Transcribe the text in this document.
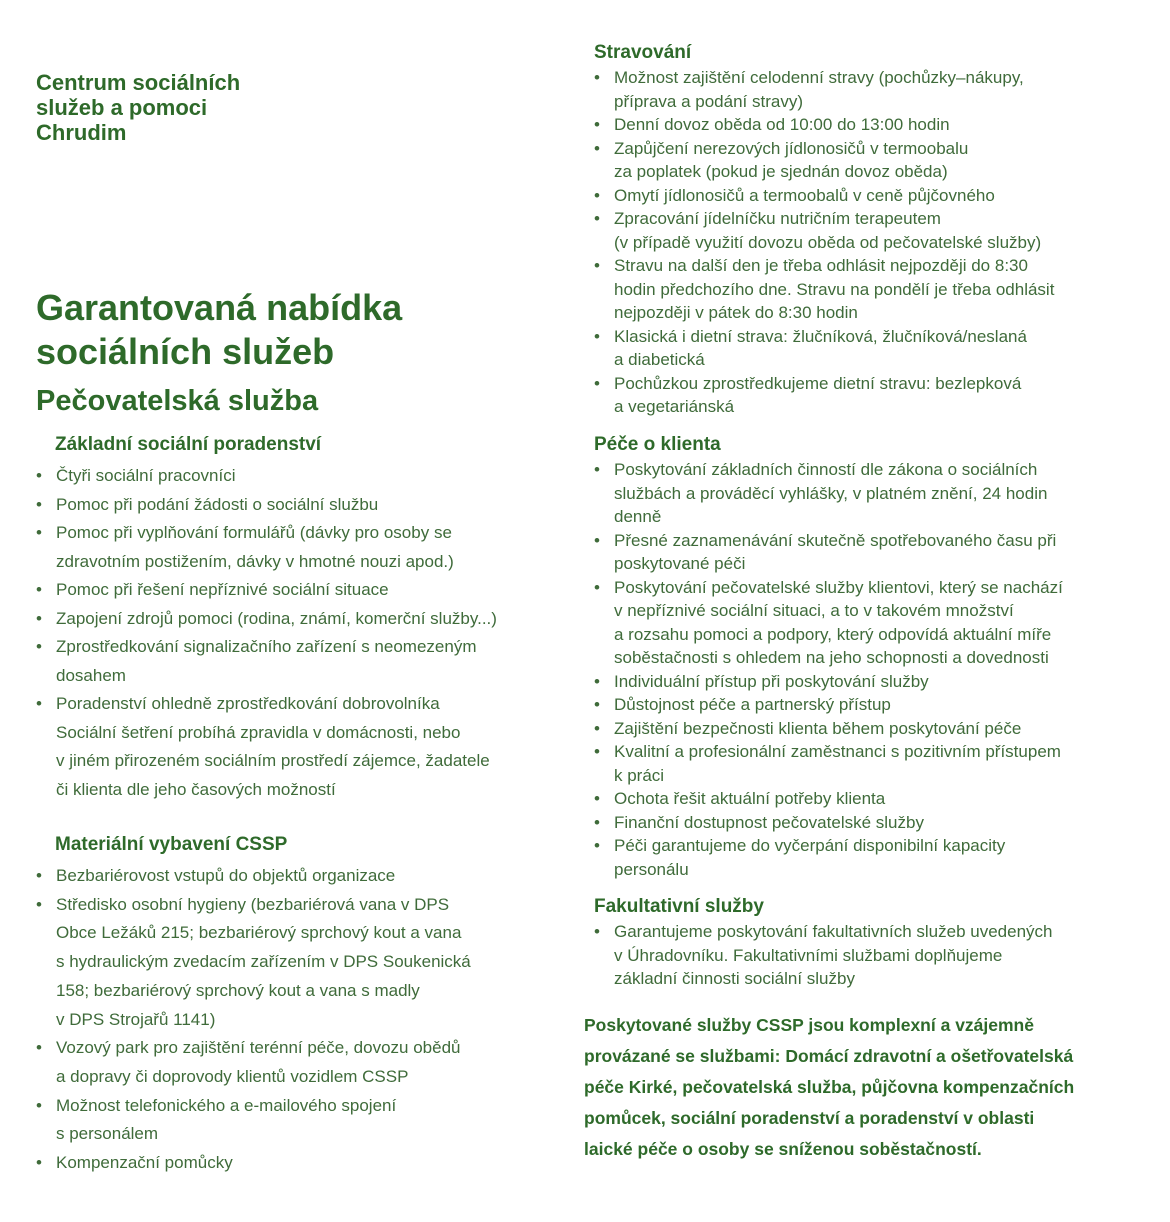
Centrum sociálních
služeb a pomoci
Chrudim
Garantovaná nabídka
sociálních služeb
Pečovatelská služba
Základní sociální poradenství
• Čtyři sociální pracovníci
• Pomoc při podání žádosti o sociální službu
• Pomoc při vyplňování formulářů (dávky pro osoby se
zdravotním postižením, dávky v hmotné nouzi apod.)
• Pomoc při řešení nepříznivé sociální situace
• Zapojení zdrojů pomoci (rodina, známí, komerční služby...)
• Zprostředkování signalizačního zařízení s neomezeným
dosahem
• Poradenství ohledně zprostředkování dobrovolníka
Sociální šetření probíhá zpravidla v domácnosti, nebo
v jiném přirozeném sociálním prostředí zájemce, žadatele
či klienta dle jeho časových možností
Materiální vybavení CSSP
• Bezbariérovost vstupů do objektů organizace
• Středisko osobní hygieny (bezbariérová vana v DPS
Obce Ležáků 215; bezbariérový sprchový kout a vana
s hydraulickým zvedacím zařízením v DPS Soukenická
158; bezbariérový sprchový kout a vana s madly
v DPS Strojařů 1141)
• Vozový park pro zajištění terénní péče, dovozu obědů
a dopravy či doprovody klientů vozidlem CSSP
• Možnost telefonického a e-mailového spojení
s personálem
• Kompenzační pomůcky
Stravování
• Možnost zajištění celodenní stravy (pochůzky–nákupy,
příprava a podání stravy)
• Denní dovoz oběda od 10:00 do 13:00 hodin
• Zapůjčení nerezových jídlonosičů v termoobalu
za poplatek (pokud je sjednán dovoz oběda)
• Omytí jídlonosičů a termoobalů v ceně půjčovného
• Zpracování jídelníčku nutričním terapeutem
(v případě využití dovozu oběda od pečovatelské služby)
• Stravu na další den je třeba odhlásit nejpozději do 8:30
hodin předchozího dne. Stravu na pondělí je třeba odhlásit
nejpozději v pátek do 8:30 hodin
• Klasická i dietní strava: žlučníková, žlučníková/neslaná
a diabetická
• Pochůzkou zprostředkujeme dietní stravu: bezlepková
a vegetariánská
Péče o klienta
• Poskytování základních činností dle zákona o sociálních
službách a prováděcí vyhlášky, v platném znění, 24 hodin
denně
• Přesné zaznamenávání skutečně spotřebovaného času při
poskytované péči
• Poskytování pečovatelské služby klientovi, který se nachází
v nepříznivé sociální situaci, a to v takovém množství
a rozsahu pomoci a podpory, který odpovídá aktuální míře
soběstačnosti s ohledem na jeho schopnosti a dovednosti
• Individuální přístup při poskytování služby
• Důstojnost péče a partnerský přístup
• Zajištění bezpečnosti klienta během poskytování péče
• Kvalitní a profesionální zaměstnanci s pozitivním přístupem
k práci
• Ochota řešit aktuální potřeby klienta
• Finanční dostupnost pečovatelské služby
• Péči garantujeme do vyčerpání disponibilní kapacity
personálu
Fakultativní služby
• Garantujeme poskytování fakultativních služeb uvedených
v Úhradovníku. Fakultativními službami doplňujeme
základní činnosti sociální služby
Poskytované služby CSSP jsou komplexní a vzájemně
provázané se službami: Domácí zdravotní a ošetřovatelská
péče Kirké, pečovatelská služba, půjčovna kompenzačních
pomůcek, sociální poradenství a poradenství v oblasti
laické péče o osoby se sníženou soběstačností.
